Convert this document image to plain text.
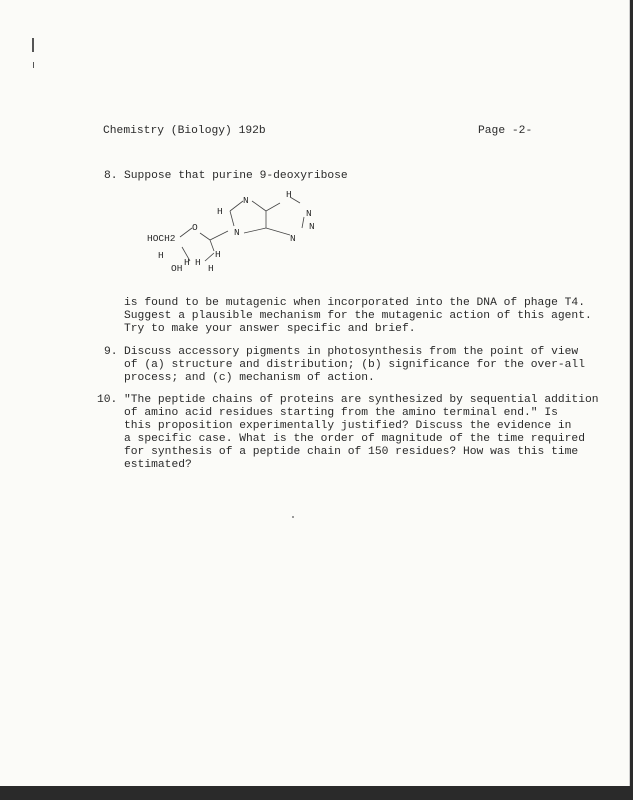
Chemistry (Biology) 192b	Page -2-
8. Suppose that purine 9-deoxyribose
HOCH2
O
H
OH
H H
H
H
N
N
H
N
N
H
N
is found to be mutagenic when incorporated into the DNA of phage T4.
Suggest a plausible mechanism for the mutagenic action of this agent.
Try to make your answer specific and brief.
9. Discuss accessory pigments in photosynthesis from the point of view
of (a) structure and distribution; (b) significance for the over-all
process; and (c) mechanism of action.
10. "The peptide chains of proteins are synthesized by sequential addition
of amino acid residues starting from the amino terminal end." Is
this proposition experimentally justified? Discuss the evidence in
a specific case. What is the order of magnitude of the time required
for synthesis of a peptide chain of 150 residues? How was this time
estimated?
